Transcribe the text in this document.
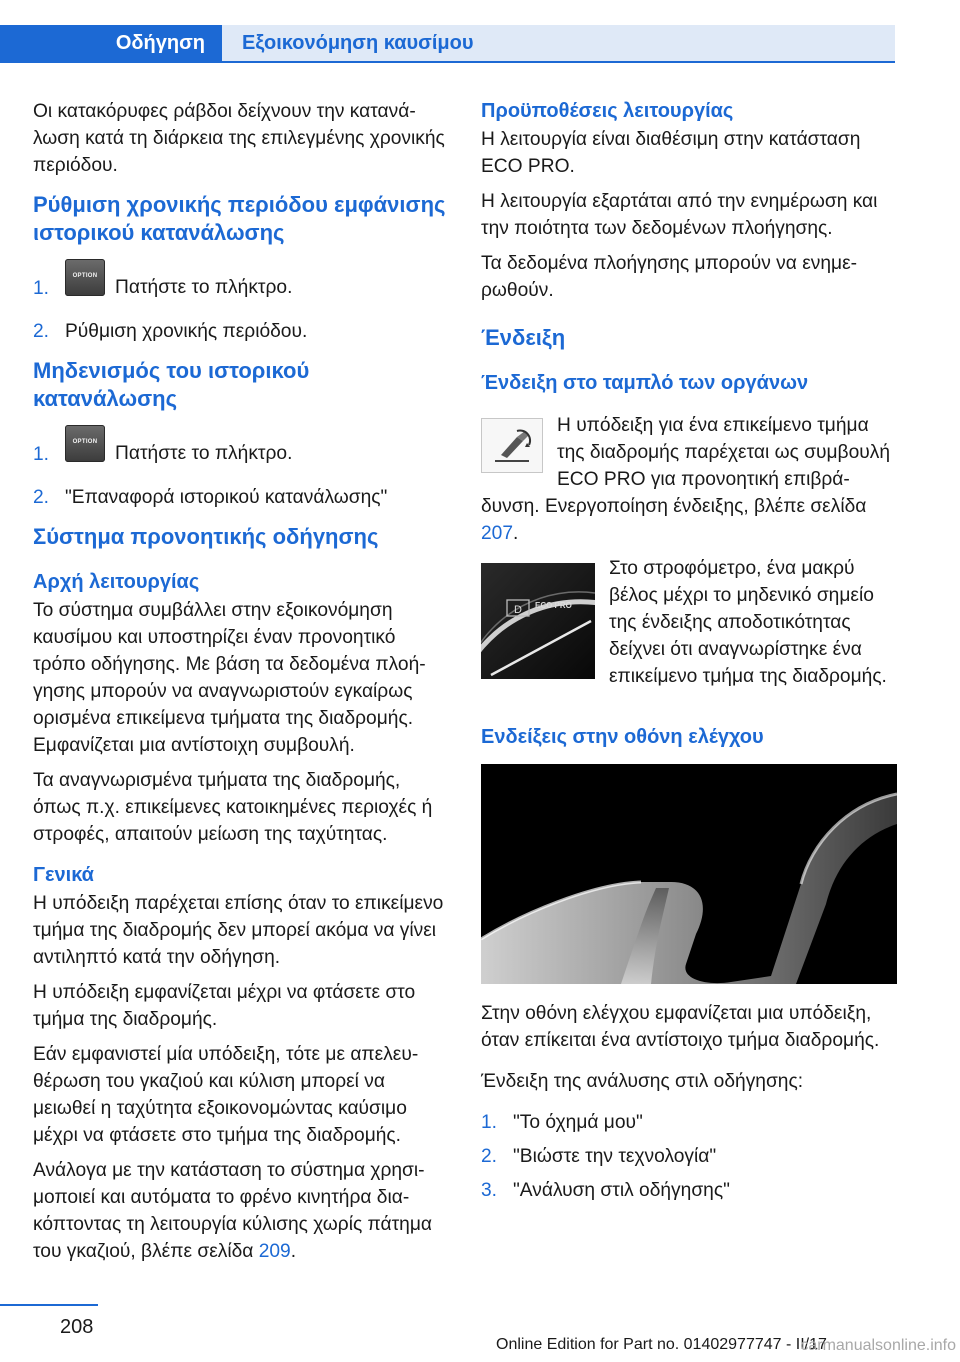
Οδήγηση	Εξοικονόμηση καυσίμου

Οι κατακόρυφες ράβδοι δείχνουν την κατανάλωση κατά τη διάρκεια της επιλεγμένης χρονικής περιόδου.

Ρύθμιση χρονικής περιόδου εμφάνισης ιστορικού κατανάλωσης
1.
OPTION
Πατήστε το πλήκτρο.
2. Ρύθμιση χρονικής περιόδου.
Μηδενισμός του ιστορικού κατανάλωσης
1.
OPTION
Πατήστε το πλήκτρο.
2. "Επαναφορά ιστορικού κατανάλωσης"
Σύστημα προνοητικής οδήγησης
Αρχή λειτουργίας

Το σύστημα συμβάλλει στην εξοικονόμηση καυσίμου και υποστηρίζει έναν προνοητικό τρόπο οδήγησης. Με βάση τα δεδομένα πλοήγησης μπορούν να αναγνωριστούν εγκαίρως ορισμένα επικείμενα τμήματα της διαδρομής. Εμφανίζεται μια αντίστοιχη συμβουλή.

Τα αναγνωρισμένα τμήματα της διαδρομής, όπως π.χ. επικείμενες κατοικημένες περιοχές ή στροφές, απαιτούν μείωση της ταχύτητας.

Γενικά

Η υπόδειξη παρέχεται επίσης όταν το επικείμενο τμήμα της διαδρομής δεν μπορεί ακόμα να γίνει αντιληπτό κατά την οδήγηση.

Η υπόδειξη εμφανίζεται μέχρι να φτάσετε στο τμήμα της διαδρομής.

Εάν εμφανιστεί μία υπόδειξη, τότε με απελευθέρωση του γκαζιού και κύλιση μπορεί να μειωθεί η ταχύτητα εξοικονομώντας καύσιμο μέχρι να φτάσετε στο τμήμα της διαδρομής.

Ανάλογα με την κατάσταση το σύστημα χρησιμοποιεί και αυτόματα το φρένο κινητήρα διακόπτοντας τη λειτουργία κύλισης χωρίς πάτημα του γκαζιού, βλέπε σελίδα 209.

Προϋποθέσεις λειτουργίας

Η λειτουργία είναι διαθέσιμη στην κατάσταση ECO PRO.

Η λειτουργία εξαρτάται από την ενημέρωση και την ποιότητα των δεδομένων πλοήγησης.

Τα δεδομένα πλοήγησης μπορούν να ενημερωθούν.

Ένδειξη
Ένδειξη στο ταμπλό των οργάνων

Η υπόδειξη για ένα επικείμενο τμήμα της διαδρομής παρέχεται ως συμβουλή ECO PRO για προνοητική επιβράδυνση. Ενεργοποίηση ένδειξης, βλέπε σελίδα 207.

D ECO PRO

Στο στροφόμετρο, ένα μακρύ βέλος μέχρι το μηδενικό σημείο της ένδειξης αποδοτικότητας δείχνει ότι αναγνωρίστηκε ένα επικείμενο τμήμα της διαδρομής.

Ενδείξεις στην οθόνη ελέγχου

Στην οθόνη ελέγχου εμφανίζεται μια υπόδειξη, όταν επίκειται ένα αντίστοιχο τμήμα διαδρομής.

Ένδειξη της ανάλυσης στιλ οδήγησης:

1. "Το όχημά μου"
2. "Βιώστε την τεχνολογία"
3. "Ανάλυση στιλ οδήγησης"
208
Online Edition for Part no. 01402977747 - II/17
carmanualsonline.info
